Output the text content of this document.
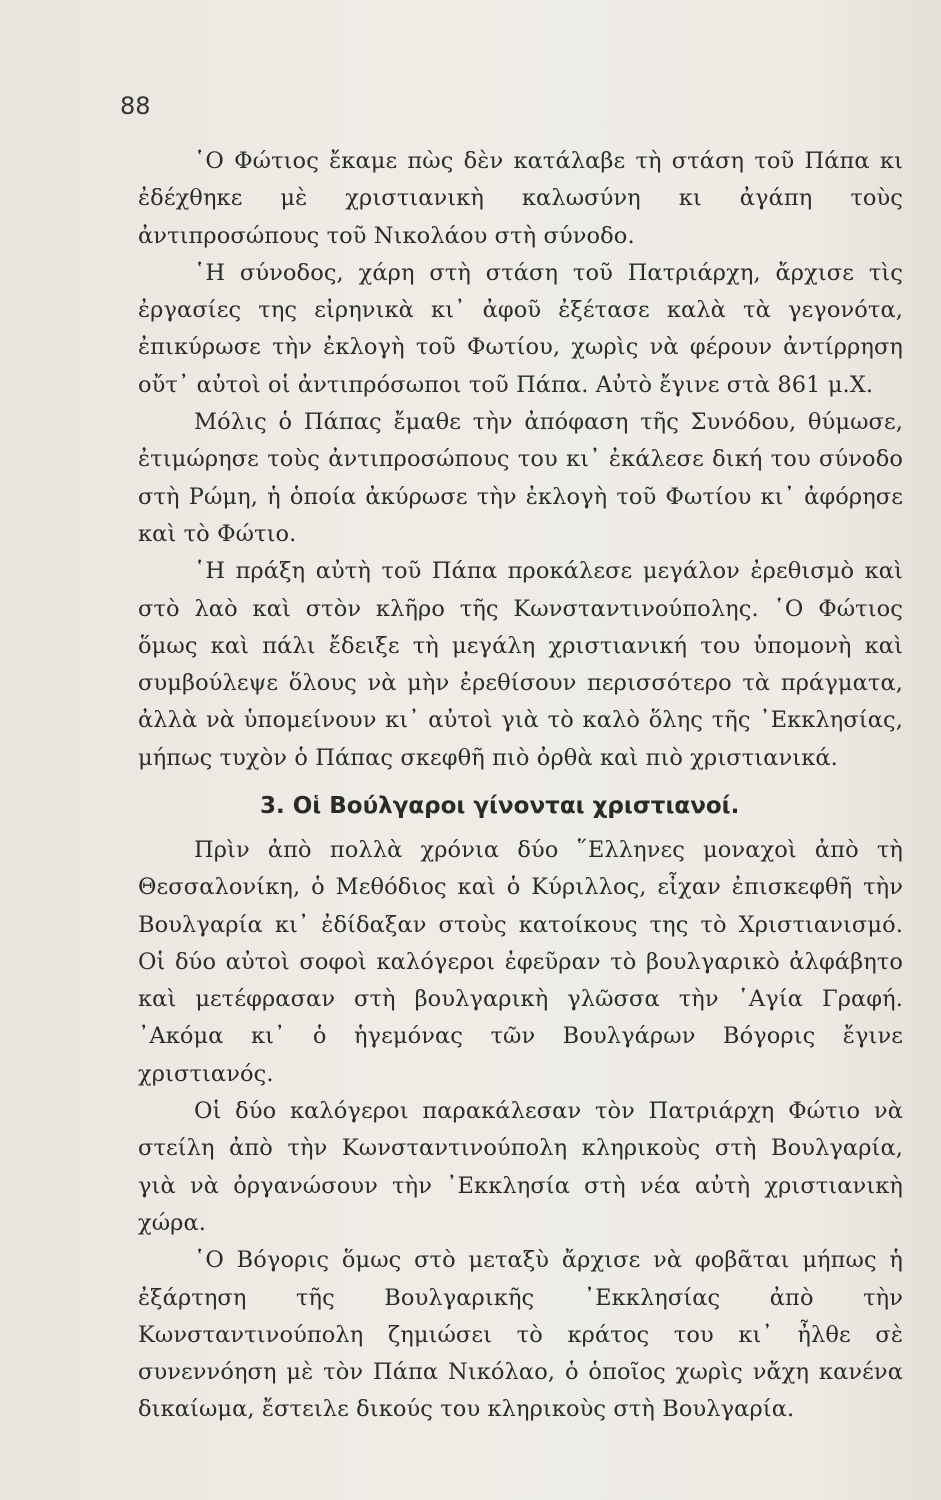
88

῾Ο Φώτιος ἔκαμε πὼς δὲν κατάλαβε τὴ στάση τοῦ Πάπα κι ἐδέχθηκε μὲ χριστιανικὴ καλωσύνη κι ἀγάπη τοὺς ἀντιπροσώπους τοῦ Νικολάου στὴ σύνοδο.

῾Η σύνοδος, χάρη στὴ στάση τοῦ Πατριάρχη, ἄρχισε τὶς ἐργασίες της εἰρηνικὰ κι᾿ ἀφοῦ ἐξέτασε καλὰ τὰ γεγονότα, ἐπικύρωσε τὴν ἐκλογὴ τοῦ Φωτίου, χωρὶς νὰ φέρουν ἀντίρρηση οὔτ᾿ αὐτοὶ οἱ ἀντιπρόσωποι τοῦ Πάπα. Αὐτὸ ἔγινε στὰ 861 μ.Χ.

Μόλις ὁ Πάπας ἔμαθε τὴν ἀπόφαση τῆς Συνόδου, θύμωσε, ἐτιμώρησε τοὺς ἀντιπροσώπους του κι᾿ ἐκάλεσε δική του σύνοδο στὴ Ρώμη, ἡ ὁποία ἀκύρωσε τὴν ἐκλογὴ τοῦ Φωτίου κι᾿ ἀφόρησε καὶ τὸ Φώτιο.

῾Η πράξη αὐτὴ τοῦ Πάπα προκάλεσε μεγάλον ἐρεθισμὸ καὶ στὸ λαὸ καὶ στὸν κλῆρο τῆς Κωνσταντινούπολης. ῾Ο Φώτιος ὅμως καὶ πάλι ἔδειξε τὴ μεγάλη χριστιανική του ὑπομονὴ καὶ συμβούλεψε ὅλους νὰ μὴν ἐρεθίσουν περισσότερο τὰ πράγματα, ἀλλὰ νὰ ὑπομείνουν κι᾿ αὐτοὶ γιὰ τὸ καλὸ ὅλης τῆς ᾿Εκκλησίας, μήπως τυχὸν ὁ Πάπας σκεφθῆ πιὸ ὀρθὰ καὶ πιὸ χριστιανικά.

3. Οἱ Βούλγαροι γίνονται χριστιανοί.

Πρὶν ἀπὸ πολλὰ χρόνια δύο ῞Ελληνες μοναχοὶ ἀπὸ τὴ Θεσσαλονίκη, ὁ Μεθόδιος καὶ ὁ Κύριλλος, εἶχαν ἐπισκεφθῆ τὴν Βουλγαρία κι᾿ ἐδίδαξαν στοὺς κατοίκους της τὸ Χριστιανισμό. Οἱ δύο αὐτοὶ σοφοὶ καλόγεροι ἐφεῦραν τὸ βουλγαρικὸ ἀλφάβητο καὶ μετέφρασαν στὴ βουλγαρικὴ γλῶσσα τὴν ῾Αγία Γραφή. ᾿Ακόμα κι᾿ ὁ ἡγεμόνας τῶν Βουλγάρων Βόγορις ἔγινε χριστιανός.

Οἱ δύο καλόγεροι παρακάλεσαν τὸν Πατριάρχη Φώτιο νὰ στείλη ἀπὸ τὴν Κωνσταντινούπολη κληρικοὺς στὴ Βουλγαρία, γιὰ νὰ ὀργανώσουν τὴν ᾿Εκκλησία στὴ νέα αὐτὴ χριστιανικὴ χώρα.

῾Ο Βόγορις ὅμως στὸ μεταξὺ ἄρχισε νὰ φοβᾶται μήπως ἡ ἐξάρτηση τῆς Βουλγαρικῆς ᾿Εκκλησίας ἀπὸ τὴν Κωνσταντινούπολη ζημιώσει τὸ κράτος του κι᾿ ἦλθε σὲ συνεννόηση μὲ τὸν Πάπα Νικόλαο, ὁ ὁποῖος χωρὶς νἄχη κανένα δικαίωμα, ἔστειλε δικούς του κληρικοὺς στὴ Βουλγαρία.
